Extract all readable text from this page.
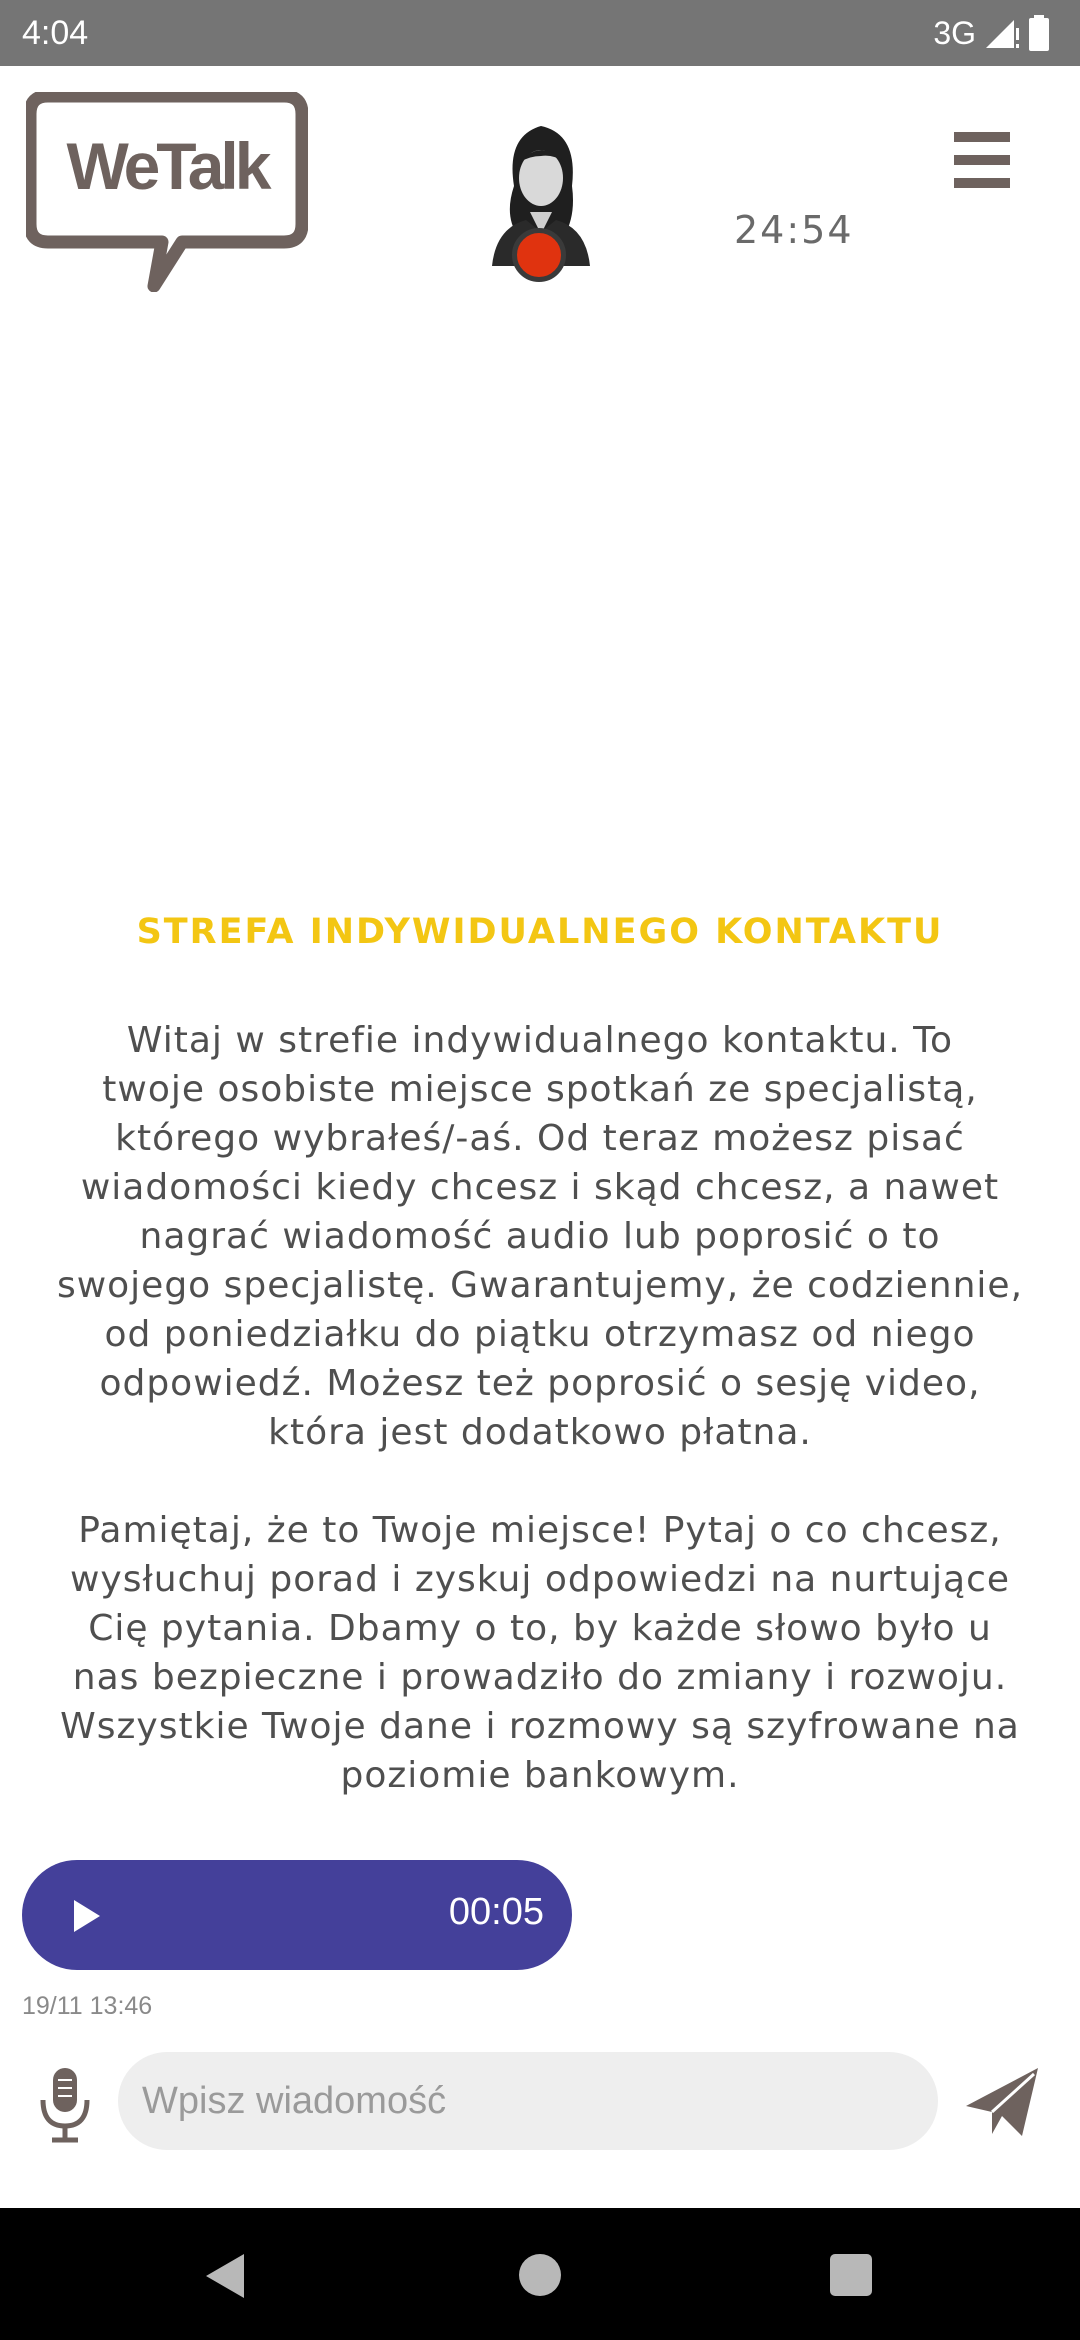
4:04	3G
WeTalk
24:54
STREFA INDYWIDUALNEGO KONTAKTU
Witaj w strefie indywidualnego kontaktu. To
twoje osobiste miejsce spotkań ze specjalistą,
którego wybrałeś/-aś. Od teraz możesz pisać
wiadomości kiedy chcesz i skąd chcesz, a nawet
nagrać wiadomość audio lub poprosić o to
swojego specjalistę. Gwarantujemy, że codziennie,
od poniedziałku do piątku otrzymasz od niego
odpowiedź. Możesz też poprosić o sesję video,
która jest dodatkowo płatna.

Pamiętaj, że to Twoje miejsce! Pytaj o co chcesz,
wysłuchuj porad i zyskuj odpowiedzi na nurtujące
Cię pytania. Dbamy o to, by każde słowo było u
nas bezpieczne i prowadziło do zmiany i rozwoju.
Wszystkie Twoje dane i rozmowy są szyfrowane na
poziomie bankowym.
00:05
19/11 13:46
Wpisz wiadomość
